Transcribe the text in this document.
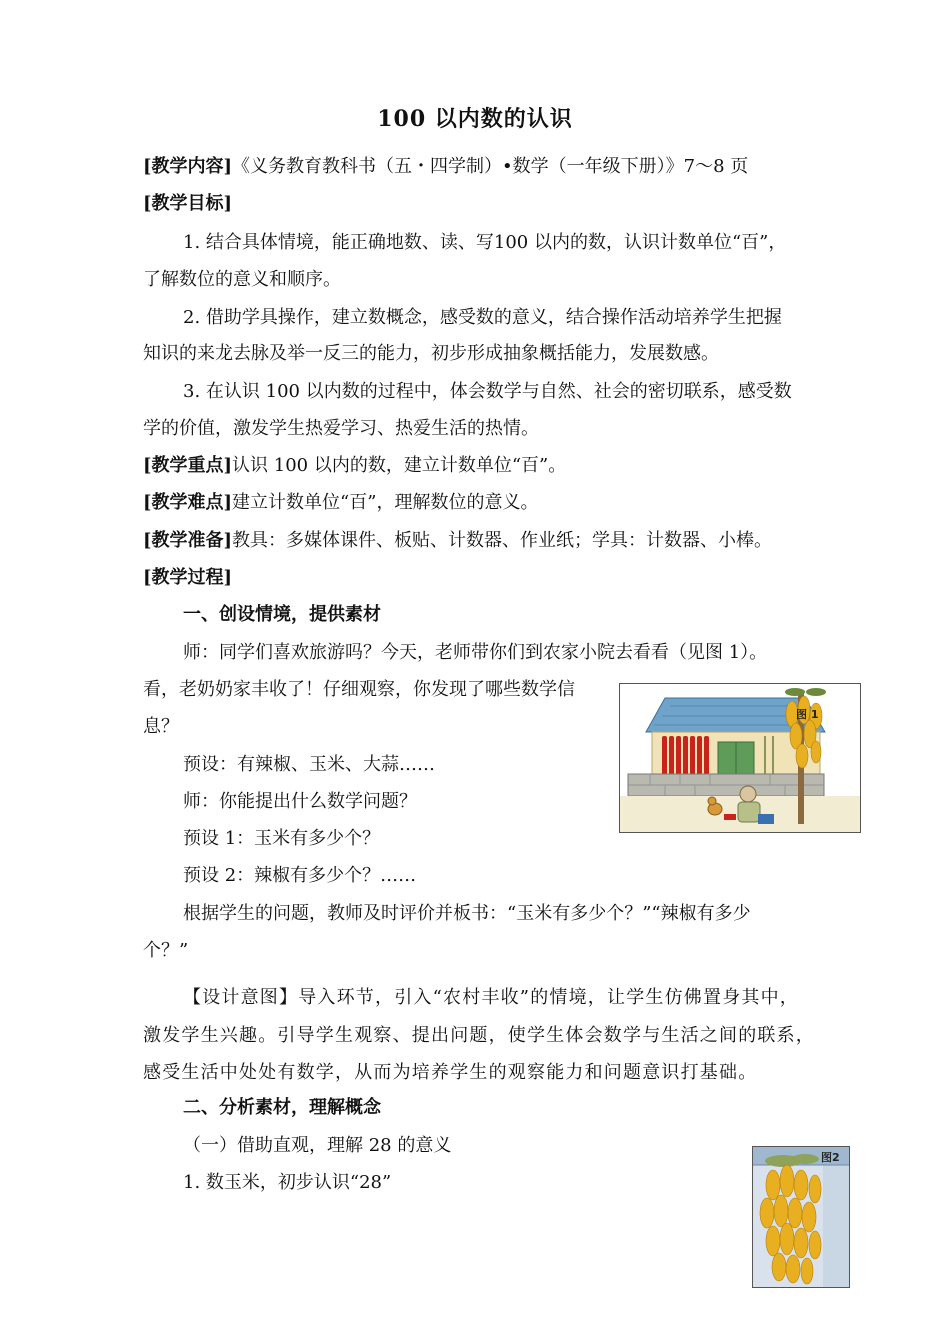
100 以内数的认识
[教学内容]《义务教育教科书（五・四学制）•数学（一年级下册）》7～8 页
[教学目标]
1. 结合具体情境，能正确地数、读、写100 以内的数，认识计数单位“百”，
了解数位的意义和顺序。
2. 借助学具操作，建立数概念，感受数的意义，结合操作活动培养学生把握
知识的来龙去脉及举一反三的能力，初步形成抽象概括能力，发展数感。
3. 在认识 100 以内数的过程中，体会数学与自然、社会的密切联系，感受数
学的价值，激发学生热爱学习、热爱生活的热情。
[教学重点]认识 100 以内的数，建立计数单位“百”。
[教学难点]建立计数单位“百”，理解数位的意义。
[教学准备]教具：多媒体课件、板贴、计数器、作业纸；学具：计数器、小棒。
[教学过程]
一、创设情境，提供素材
师：同学们喜欢旅游吗？今天，老师带你们到农家小院去看看（见图 1）。
看，老奶奶家丰收了！仔细观察，你发现了哪些数学信
息？
预设：有辣椒、玉米、大蒜……
师：你能提出什么数学问题？
预设 1：玉米有多少个？
预设 2：辣椒有多少个？……
根据学生的问题，教师及时评价并板书：“玉米有多少个？”“辣椒有多少
个？”
【设计意图】导入环节，引入“农村丰收”的情境，让学生仿佛置身其中，
激发学生兴趣。引导学生观察、提出问题，使学生体会数学与生活之间的联系，
感受生活中处处有数学，从而为培养学生的观察能力和问题意识打基础。
二、分析素材，理解概念
（一）借助直观，理解 28 的意义
1. 数玉米，初步认识“28”
图 1
图2
